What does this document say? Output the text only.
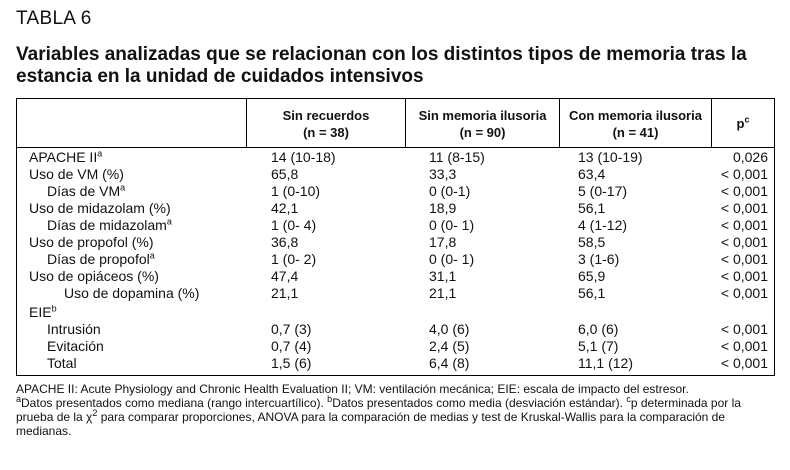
TABLA 6
Variables analizadas que se relacionan con los distintos tipos de memoria tras la estancia en la unidad de cuidados intensivos
Sin recuerdos
(n = 38)
Sin memoria ilusoria
(n = 90)
Con memoria ilusoria
(n = 41)
$p^c$
APACHE $II^a$	14 (10-18)	11 (8-15)	13 (10-19)	0,026
Uso de VM (%)	65,8	33,3	63,4	< 0,001
Días de $VM^a$	1 (0-10)	0 (0-1)	5 (0-17)	< 0,001
Uso de midazolam (%)	42,1	18,9	56,1	< 0,001
Días de midazolam$^a$	1 (0- 4)	0 (0- 1)	4 (1-12)	< 0,001
Uso de propofol (%)	36,8	17,8	58,5	< 0,001
Días de propofol$^a$	1 (0- 2)	0 (0- 1)	3 (1-6)	< 0,001
Uso de opiáceos (%)	47,4	31,1	65,9	< 0,001
Uso de dopamina (%)	21,1	21,1	56,1	< 0,001
EIE$^b$
Intrusión	0,7 (3)	4,0 (6)	6,0 (6)	< 0,001
Evitación	0,7 (4)	2,4 (5)	5,1 (7)	< 0,001
Total	1,5 (6)	6,4 (8)	11,1 (12)	< 0,001

APACHE II: Acute Physiology and Chronic Health Evaluation II; VM: ventilación mecánica; EIE: escala de impacto del estresor.

$^a$Datos presentados como mediana (rango intercuartílico). $^b$Datos presentados como media (desviación estándar). $^c$p determinada por la prueba de la $\chi^2$ para comparar proporciones, ANOVA para la comparación de medias y test de Kruskal-Wallis para la comparación de medianas.
